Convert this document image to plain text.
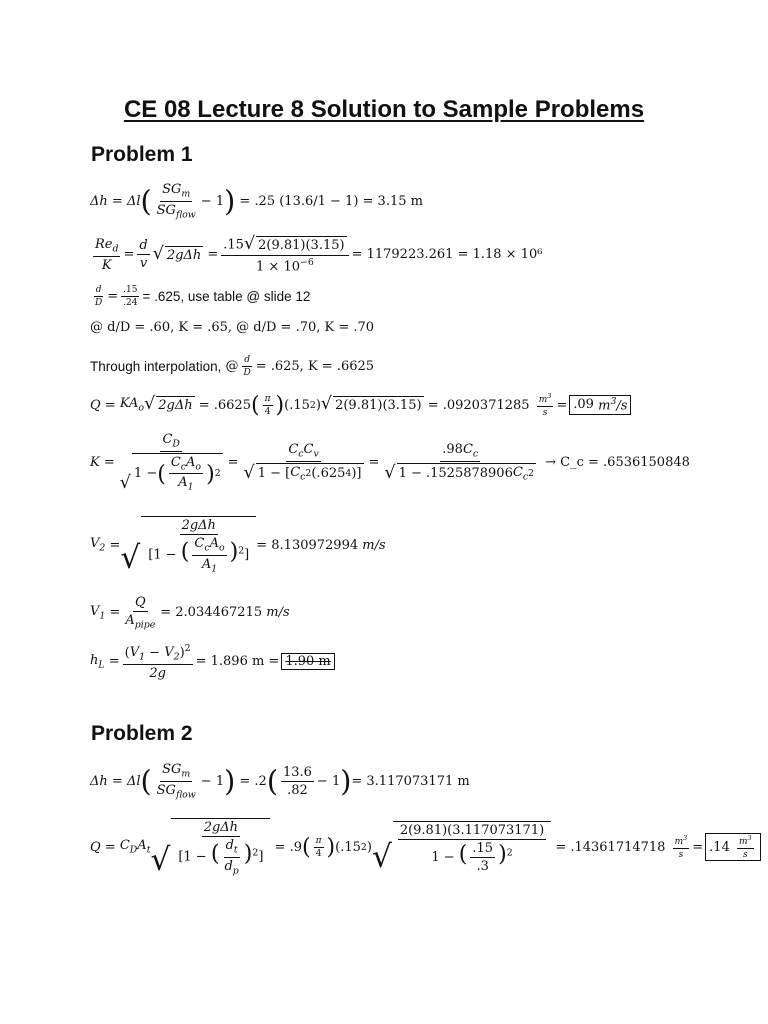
CE 08 Lecture 8 Solution to Sample Problems
Problem 1
Δh = Δl ( $\frac{SG_m}{SG_{flow}} - 1$ )
= .25 (13.6/1 − 1) = 3.15 m
$\frac{Re_d}{K} = \frac{d}{v}$ √ $2g\Delta h = \frac{.15 √ 2(9.81)(3.15)}{1 \times 10^{-6}} = 1179223.261 = 1.18 \times 10^6$
$\frac{d}{D} = \frac{.15}{.24} = .625$, use table @ slide 12
@ d/D = .60, K = .65, @ d/D = .70, K = .70
Through interpolation, @ $\frac{d}{D} = .625$, K = .6625
$Q = KA_o$ √ 2gΔh = .6625 ( $\frac{\pi}{4}$ ) (.15 2 ) √ 2(9.81)(3.15)
= .0920371285
$\frac{m^3}{s} = .09$
$m^3/s$
$K = \frac{C_D}{√ 1 - ( \frac{C_cA_o}{A_1} ) 2} = \frac{C_cC_v}{√ 1 - [ C_c 2 (.625 4 )]} = \frac{.98C_c}{√ 1 - .1525878906 C_c 2}$
→ C_c = .6536150848
$V_2$ = √ $\frac{\text{2gΔh}}{[1 - ( \frac{C_cA_o}{A_1} )^2]} = 8.130972994$
m/s
$V_1 = \frac{Q}{A_{pipe}} = 2.034467215$
m/s
$h_L = \frac{(V_1 - V_2)^2}{2g} = 1.896$ m = 1.90 m
Problem 2
Δh = Δl ( $\frac{SG_m}{SG_{flow}} - 1$ ) = .2 ( $\frac{13.6}{.82} - 1$ ) = 3.117073171 m
$Q = C_DA_t$ √ $\frac{\text{2gΔh}}{[1 - ( \frac{d_t}{d_p} )^2]} = .9$ ( $\frac{\pi}{4}$ ) (.15 2 ) √ $\frac{2(9.81)(3.117073171)}{1 - ( \frac{.15}{.3} )^2}$
= .14361714718
$\frac{m^3}{s} = .14$
$\frac{m^3}{s}$
